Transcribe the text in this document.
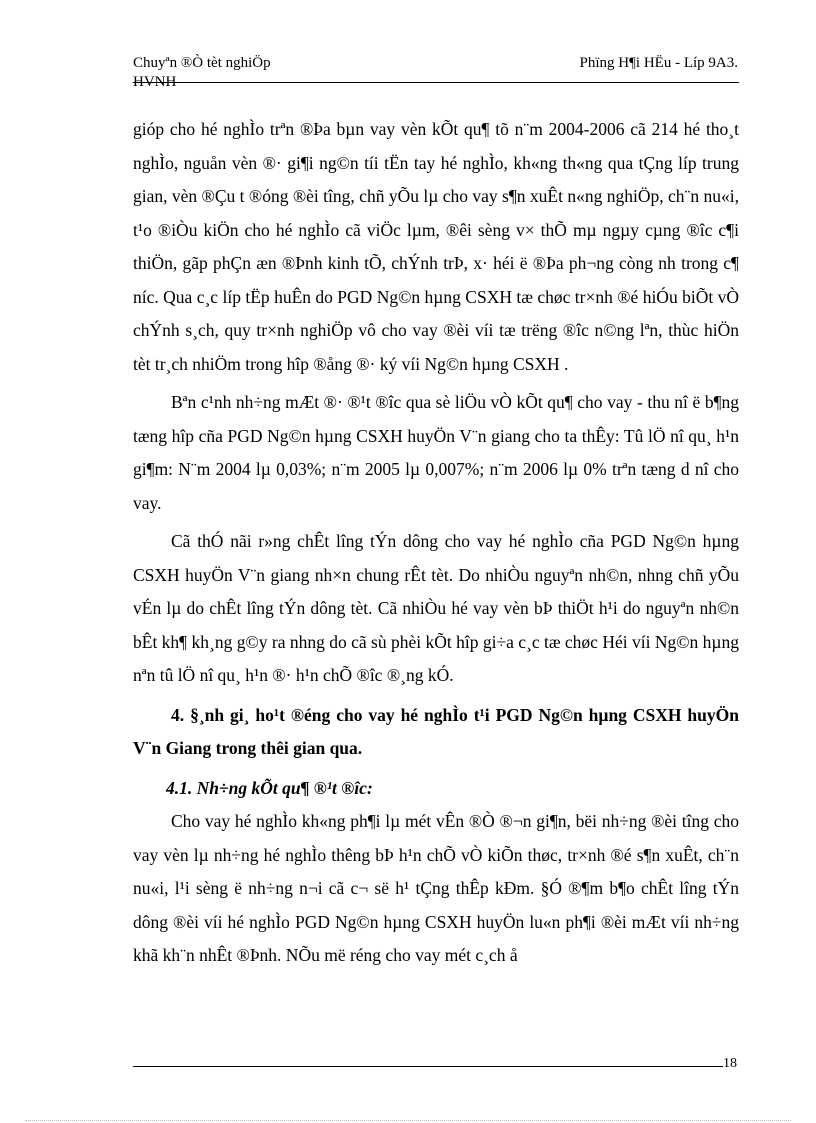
Chuyªn ®Ò tèt nghiÖp	Phïng H¶i HËu - Líp 9A3.
HVNH

gióp cho hé nghÌo trªn ®Þa bµn vay vèn kÕt qu¶ tõ n¨m 2004-2006 cã 214 hé tho¸t nghÌo, nguån vèn ®· gi¶i ng©n tíi tËn tay hé nghÌo, kh«ng th«ng qua tÇng líp trung gian, vèn ®Çu t ®óng ®èi tîng, chñ yÕu lµ cho vay s¶n xuÊt n«ng nghiÖp, ch¨n nu«i, t¹o ®iÒu kiÖn cho hé nghÌo cã viÖc lµm, ®êi sèng v× thÕ mµ ngµy cµng ®îc c¶i thiÖn, gãp phÇn æn ®Þnh kinh tÕ, chÝnh trÞ, x· héi ë ®Þa ph¬ng còng nh trong c¶ níc. Qua c¸c líp tËp huÊn do PGD Ng©n hµng CSXH tæ chøc tr×nh ®é hiÓu biÕt vÒ chÝnh s¸ch, quy tr×nh nghiÖp vô cho vay ®èi víi tæ trëng ®îc n©ng lªn, thùc hiÖn tèt tr¸ch nhiÖm trong hîp ®ång ®· ký víi Ng©n hµng CSXH .

Bªn c¹nh nh÷ng mÆt ®· ®¹t ®îc qua sè liÖu vÒ kÕt qu¶ cho vay - thu nî ë b¶ng tæng hîp cña PGD Ng©n hµng CSXH huyÖn V¨n giang cho ta thÊy: Tû lÖ nî qu¸ h¹n gi¶m: N¨m 2004 lµ 0,03%; n¨m 2005 lµ 0,007%; n¨m 2006 lµ 0% trªn tæng d nî cho vay.

Cã thÓ nãi r»ng chÊt lîng tÝn dông cho vay hé nghÌo cña PGD Ng©n hµng CSXH huyÖn V¨n giang nh×n chung rÊt tèt. Do nhiÒu nguyªn nh©n, nhng chñ yÕu vÉn lµ do chÊt lîng tÝn dông tèt. Cã nhiÒu hé vay vèn bÞ thiÖt h¹i do nguyªn nh©n bÊt kh¶ kh¸ng g©y ra nhng do cã sù phèi kÕt hîp gi÷a c¸c tæ chøc Héi víi Ng©n hµng nªn tû lÖ nî qu¸ h¹n ®· h¹n chÕ ®îc ®¸ng kÓ.

4. §¸nh gi¸ ho¹t ®éng cho vay hé nghÌo t¹i PGD Ng©n hµng CSXH huyÖn V¨n Giang trong thêi gian qua.

4.1. Nh÷ng kÕt qu¶ ®¹t ®îc:

Cho vay hé nghÌo kh«ng ph¶i lµ mét vÊn ®Ò ®¬n gi¶n, bëi nh÷ng ®èi tîng cho vay vèn lµ nh÷ng hé nghÌo thêng bÞ h¹n chÕ vÒ kiÕn thøc, tr×nh ®é s¶n xuÊt, ch¨n nu«i, l¹i sèng ë nh÷ng n¬i cã c¬ së h¹ tÇng thÊp kÐm. §Ó ®¶m b¶o chÊt lîng tÝn dông ®èi víi hé nghÌo PGD Ng©n hµng CSXH huyÖn lu«n ph¶i ®èi mÆt víi nh÷ng khã kh¨n nhÊt ®Þnh. NÕu më réng cho vay mét c¸ch å

18
